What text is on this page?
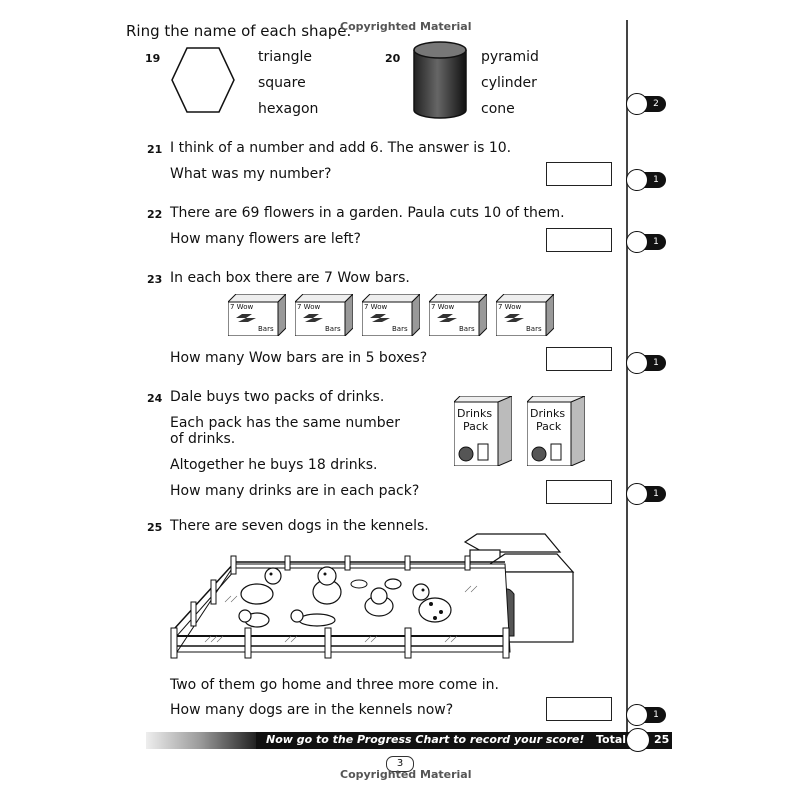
Ring the name of each shape.
Copyrighted Material
19	triangle
square
hexagon
20	pyramid
cylinder
cone	2
21 I think of a number and add 6. The answer is 10.
What was my number?	1
22 There are 69 flowers in a garden. Paula cuts 10 of them.
How many flowers are left?	1
23 In each box there are 7 Wow bars.
7 Wow
Bars
7 Wow
Bars
7 Wow
Bars
7 Wow
Bars
7 Wow
Bars
How many Wow bars are in 5 boxes?	1
24 Dale buys two packs of drinks.
Each pack has the same number
of drinks.
Altogether he buys 18 drinks.
How many drinks are in each pack?
Drinks
Pack
Drinks
Pack
1
25 There are seven dogs in the kennels.
Two of them go home and three more come in.
How many dogs are in the kennels now?	1
Now go to the Progress Chart to record your score! Total	25
3
Copyrighted Material
